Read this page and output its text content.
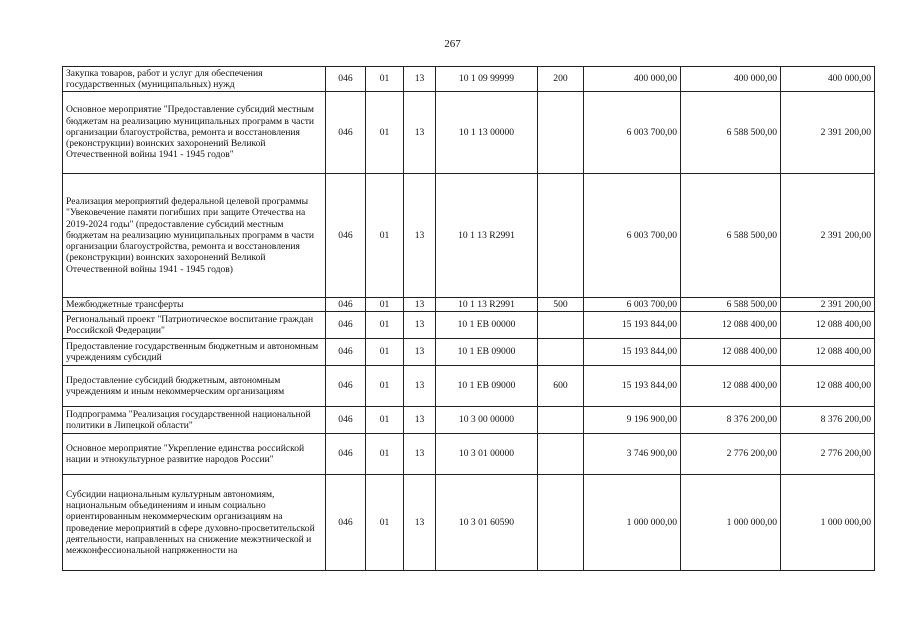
267
Закупка товаров, работ и услуг для обеспечения государственных (муниципальных) нужд	046	01	13	10 1 09 99999	200	400 000,00	400 000,00	400 000,00
Основное мероприятие "Предоставление субсидий местным бюджетам на реализацию муниципальных программ в части организации благоустройства, ремонта и восстановления (реконструкции) воинских захоронений Великой Отечественной войны 1941 - 1945 годов"	046	01	13	10 1 13 00000		6 003 700,00	6 588 500,00	2 391 200,00
Реализация мероприятий федеральной целевой программы "Увековечение памяти погибших при защите Отечества на 2019-2024 годы" (предоставление субсидий местным бюджетам на реализацию муниципальных программ в части организации благоустройства, ремонта и восстановления (реконструкции) воинских захоронений Великой Отечественной войны 1941 - 1945 годов)	046	01	13	10 1 13 R2991		6 003 700,00	6 588 500,00	2 391 200,00
Межбюджетные трансферты	046	01	13	10 1 13 R2991	500	6 003 700,00	6 588 500,00	2 391 200,00
Региональный проект "Патриотическое воспитание граждан Российской Федерации"	046	01	13	10 1 EB 00000		15 193 844,00	12 088 400,00	12 088 400,00
Предоставление государственным бюджетным и автономным учреждениям субсидий	046	01	13	10 1 EB 09000		15 193 844,00	12 088 400,00	12 088 400,00
Предоставление субсидий бюджетным, автономным учреждениям и иным некоммерческим организациям	046	01	13	10 1 EB 09000	600	15 193 844,00	12 088 400,00	12 088 400,00
Подпрограмма "Реализация государственной национальной политики в Липецкой области"	046	01	13	10 3 00 00000		9 196 900,00	8 376 200,00	8 376 200,00
Основное мероприятие "Укрепление единства российской нации и этнокультурное развитие народов России"	046	01	13	10 3 01 00000		3 746 900,00	2 776 200,00	2 776 200,00
Субсидии национальным культурным автономиям, национальным объединениям и иным социально ориентированным некоммерческим организациям на проведение мероприятий в сфере духовно-просветительской деятельности, направленных на снижение межэтнической и межконфессиональной напряженности на	046	01	13	10 3 01 60590		1 000 000,00	1 000 000,00	1 000 000,00
